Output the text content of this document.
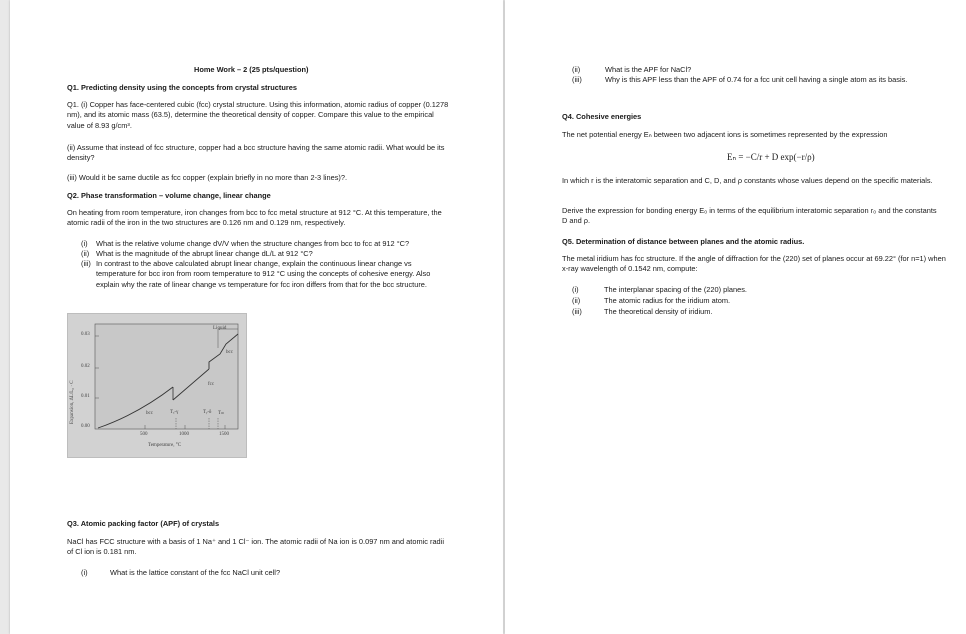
Home Work – 2 (25 pts/question)
Q1. Predicting density using the concepts from crystal structures
Q1. (i) Copper has face-centered cubic (fcc) crystal structure. Using this information, atomic radius of copper (0.1278 nm), and its atomic mass (63.5), determine the theoretical density of copper. Compare this value to the empirical value of 8.93 g/cm³.
(ii) Assume that instead of fcc structure, copper had a bcc structure having the same atomic radii. What would be its density?
(iii) Would it be same ductile as fcc copper (explain briefly in no more than 2-3 lines)?.
Q2. Phase transformation – volume change, linear change
On heating from room temperature, iron changes from bcc to fcc metal structure at 912 °C. At this temperature, the atomic radii of the iron in the two structures are 0.126 nm and 0.129 nm, respectively.
(i) What is the relative volume change dV/V when the structure changes from bcc to fcc at 912 °C?
(ii) What is the magnitude of the abrupt linear change dL/L at 912 °C?
(iii) In contrast to the above calculated abrupt linear change, explain the continuous linear change vs temperature for bcc iron from room temperature to 912 °C using the concepts of cohesive energy. Also explain why the rate of linear change vs temperature for fcc iron differs from that for the bcc structure.
Expansion, ΔL/L₀ · C
0.03
0.02
0.01
0.00
500	1000	1500
Temperature, °C
Liquid
bcc
fcc
bcc	Tₐ-γ	Tᵧ-δ Tₘ
Q3. Atomic packing factor (APF) of crystals
NaCl has FCC structure with a basis of 1 Na⁺ and 1 Cl⁻ ion. The atomic radii of Na ion is 0.097 nm and atomic radii of Cl ion is 0.181 nm.
(i)	What is the lattice constant of the fcc NaCl unit cell?
(ii)	What is the APF for NaCl?
(iii)	Why is this APF less than the APF of 0.74 for a fcc unit cell having a single atom as its basis.
Q4. Cohesive energies
The net potential energy Eₙ between two adjacent ions is sometimes represented by the expression
Eₙ = −C/r + D exp(−r/ρ)
In which r is the interatomic separation and C, D, and ρ constants whose values depend on the specific materials.
Derive the expression for bonding energy E₀ in terms of the equilibrium interatomic separation r₀ and the constants D and ρ.
Q5. Determination of distance between planes and the atomic radius.
The metal iridium has fcc structure. If the angle of diffraction for the (220) set of planes occur at 69.22° (for n=1) when x-ray wavelength of 0.1542 nm, compute:
(i)	The interplanar spacing of the (220) planes.
(ii)	The atomic radius for the iridium atom.
(iii)	The theoretical density of iridium.
